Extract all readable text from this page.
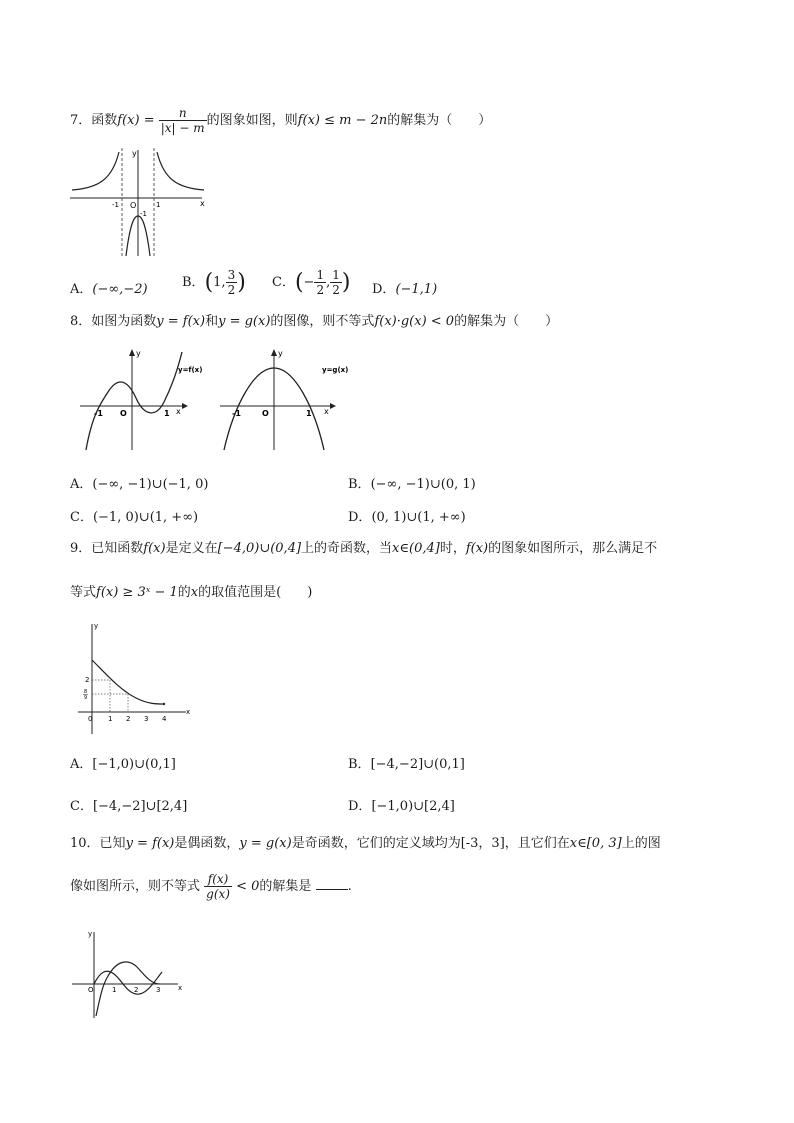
7．函数$f(x) = \frac{n}{|x| - m}$ 的图象如图，则f(x) ≤ m − 2n的解集为（　　）
y
x
O
-1	1
-1
A．(−∞,−2)	B．(1, $\frac{3}{2}$ ) C．(− $\frac{1}{2}$ , $\frac{1}{2}$ ) D．(−1,1)
8．如图为函数y = f(x)和y = g(x)的图像，则不等式f(x)·g(x) < 0的解集为（　　）
y=f(x)
y
x
O
-1	1
y=g(x)
y
x
O
-1	1
A．(−∞, −1)∪(−1, 0)	B．(−∞, −1)∪(0, 1)
C．(−1, 0)∪(1, +∞)	D．(0, 1)∪(1, +∞)
9．已知函数f(x)是定义在[−4,0)∪(0,4]上的奇函数，当x∈(0,4]时，f(x)的图象如图所示，那么满足不
等式f(x) ≥ 3ˣ − 1的x的取值范围是(　　)
y
x
0 1 2 3 4
2
8
9
A．[−1,0)∪(0,1]	B．[−4,−2]∪(0,1]
C．[−4,−2]∪[2,4]	D．[−1,0)∪[2,4]
10．已知y = f(x)是偶函数，y = g(x)是奇函数，它们的定义域均为[-3，3]，且它们在x∈[0, 3]上的图
像如图所示，则不等式 $\frac{f(x)}{g(x)} < 0$的解集是	.
y
x
O	1	2	3
